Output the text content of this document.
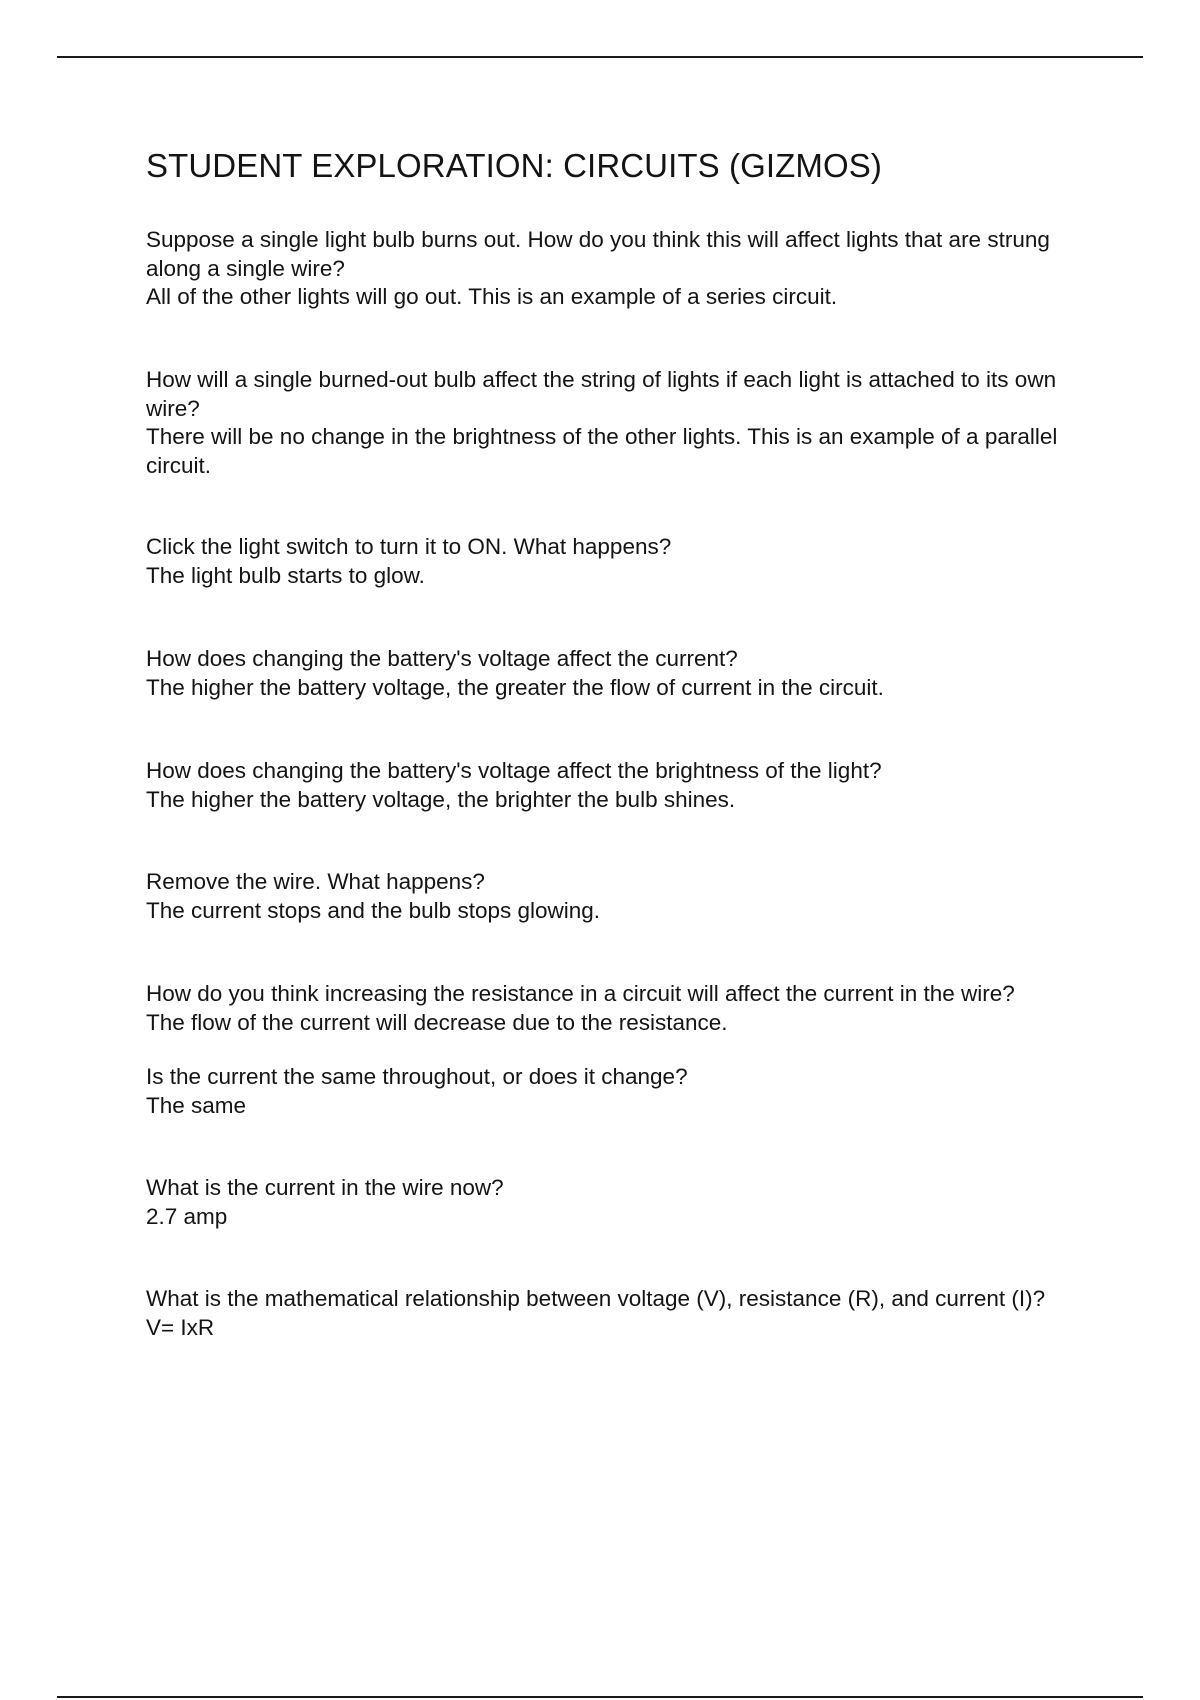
STUDENT EXPLORATION: CIRCUITS (GIZMOS)

Suppose a single light bulb burns out. How do you think this will affect lights that are strung along a single wire?

All of the other lights will go out. This is an example of a series circuit.

How will a single burned-out bulb affect the string of lights if each light is attached to its own wire?

There will be no change in the brightness of the other lights. This is an example of a parallel circuit.

Click the light switch to turn it to ON. What happens?

The light bulb starts to glow.

How does changing the battery's voltage affect the current?

The higher the battery voltage, the greater the flow of current in the circuit.

How does changing the battery's voltage affect the brightness of the light?

The higher the battery voltage, the brighter the bulb shines.

Remove the wire. What happens?

The current stops and the bulb stops glowing.

How do you think increasing the resistance in a circuit will affect the current in the wire?

The flow of the current will decrease due to the resistance.

Is the current the same throughout, or does it change?

The same

What is the current in the wire now?

2.7 amp

What is the mathematical relationship between voltage (V), resistance (R), and current (I)?

V= IxR
